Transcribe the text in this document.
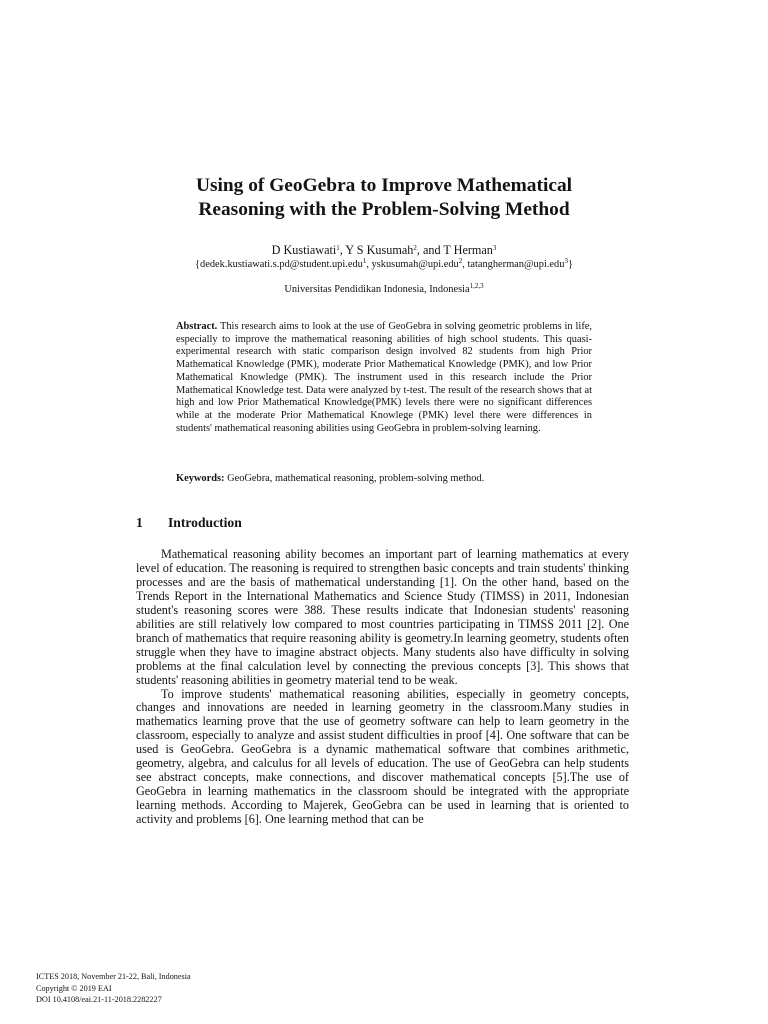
Using of GeoGebra to Improve Mathematical
Reasoning with the Problem-Solving Method
D Kustiawati$^1$, Y S Kusumah$^2$, and T Herman$^3$
{dedek.kustiawati.s.pd@student.upi.edu$^1$, yskusumah@upi.edu$^2$, tatangherman@upi.edu$^3$}
Universitas Pendidikan Indonesia, Indonesia$^{1,2,3}$

Abstract. This research aims to look at the use of GeoGebra in solving geometric problems in life, especially to improve the mathematical reasoning abilities of high school students. This quasi-experimental research with static comparison design involved 82 students from high Prior Mathematical Knowledge (PMK), moderate Prior Mathematical Knowledge (PMK), and low Prior Mathematical Knowledge (PMK). The instrument used in this research include the Prior Mathematical Knowledge test. Data were analyzed by t-test. The result of the research shows that at high and low Prior Mathematical Knowledge(PMK) levels there were no significant differences while at the moderate Prior Mathematical Knowlege (PMK) level there were differences in students' mathematical reasoning abilities using GeoGebra in problem-solving learning.

Keywords: GeoGebra, mathematical reasoning, problem-solving method.

1 Introduction

Mathematical reasoning ability becomes an important part of learning mathematics at every level of education. The reasoning is required to strengthen basic concepts and train students' thinking processes and are the basis of mathematical understanding [1]. On the other hand, based on the Trends Report in the International Mathematics and Science Study (TIMSS) in 2011, Indonesian student's reasoning scores were 388. These results indicate that Indonesian students' reasoning abilities are still relatively low compared to most countries participating in TIMSS 2011 [2]. One branch of mathematics that require reasoning ability is geometry.In learning geometry, students often struggle when they have to imagine abstract objects. Many students also have difficulty in solving problems at the final calculation level by connecting the previous concepts [3]. This shows that students' reasoning abilities in geometry material tend to be weak.

To improve students' mathematical reasoning abilities, especially in geometry concepts, changes and innovations are needed in learning geometry in the classroom.Many studies in mathematics learning prove that the use of geometry software can help to learn geometry in the classroom, especially to analyze and assist student difficulties in proof [4]. One software that can be used is GeoGebra. GeoGebra is a dynamic mathematical software that combines arithmetic, geometry, algebra, and calculus for all levels of education. The use of GeoGebra can help students see abstract concepts, make connections, and discover mathematical concepts [5].The use of GeoGebra in learning mathematics in the classroom should be integrated with the appropriate learning methods. According to Majerek, GeoGebra can be used in learning that is oriented to activity and problems [6]. One learning method that can be

ICTES 2018, November 21-22, Bali, Indonesia
Copyright © 2019 EAI
DOI 10.4108/eai.21-11-2018.2282227
